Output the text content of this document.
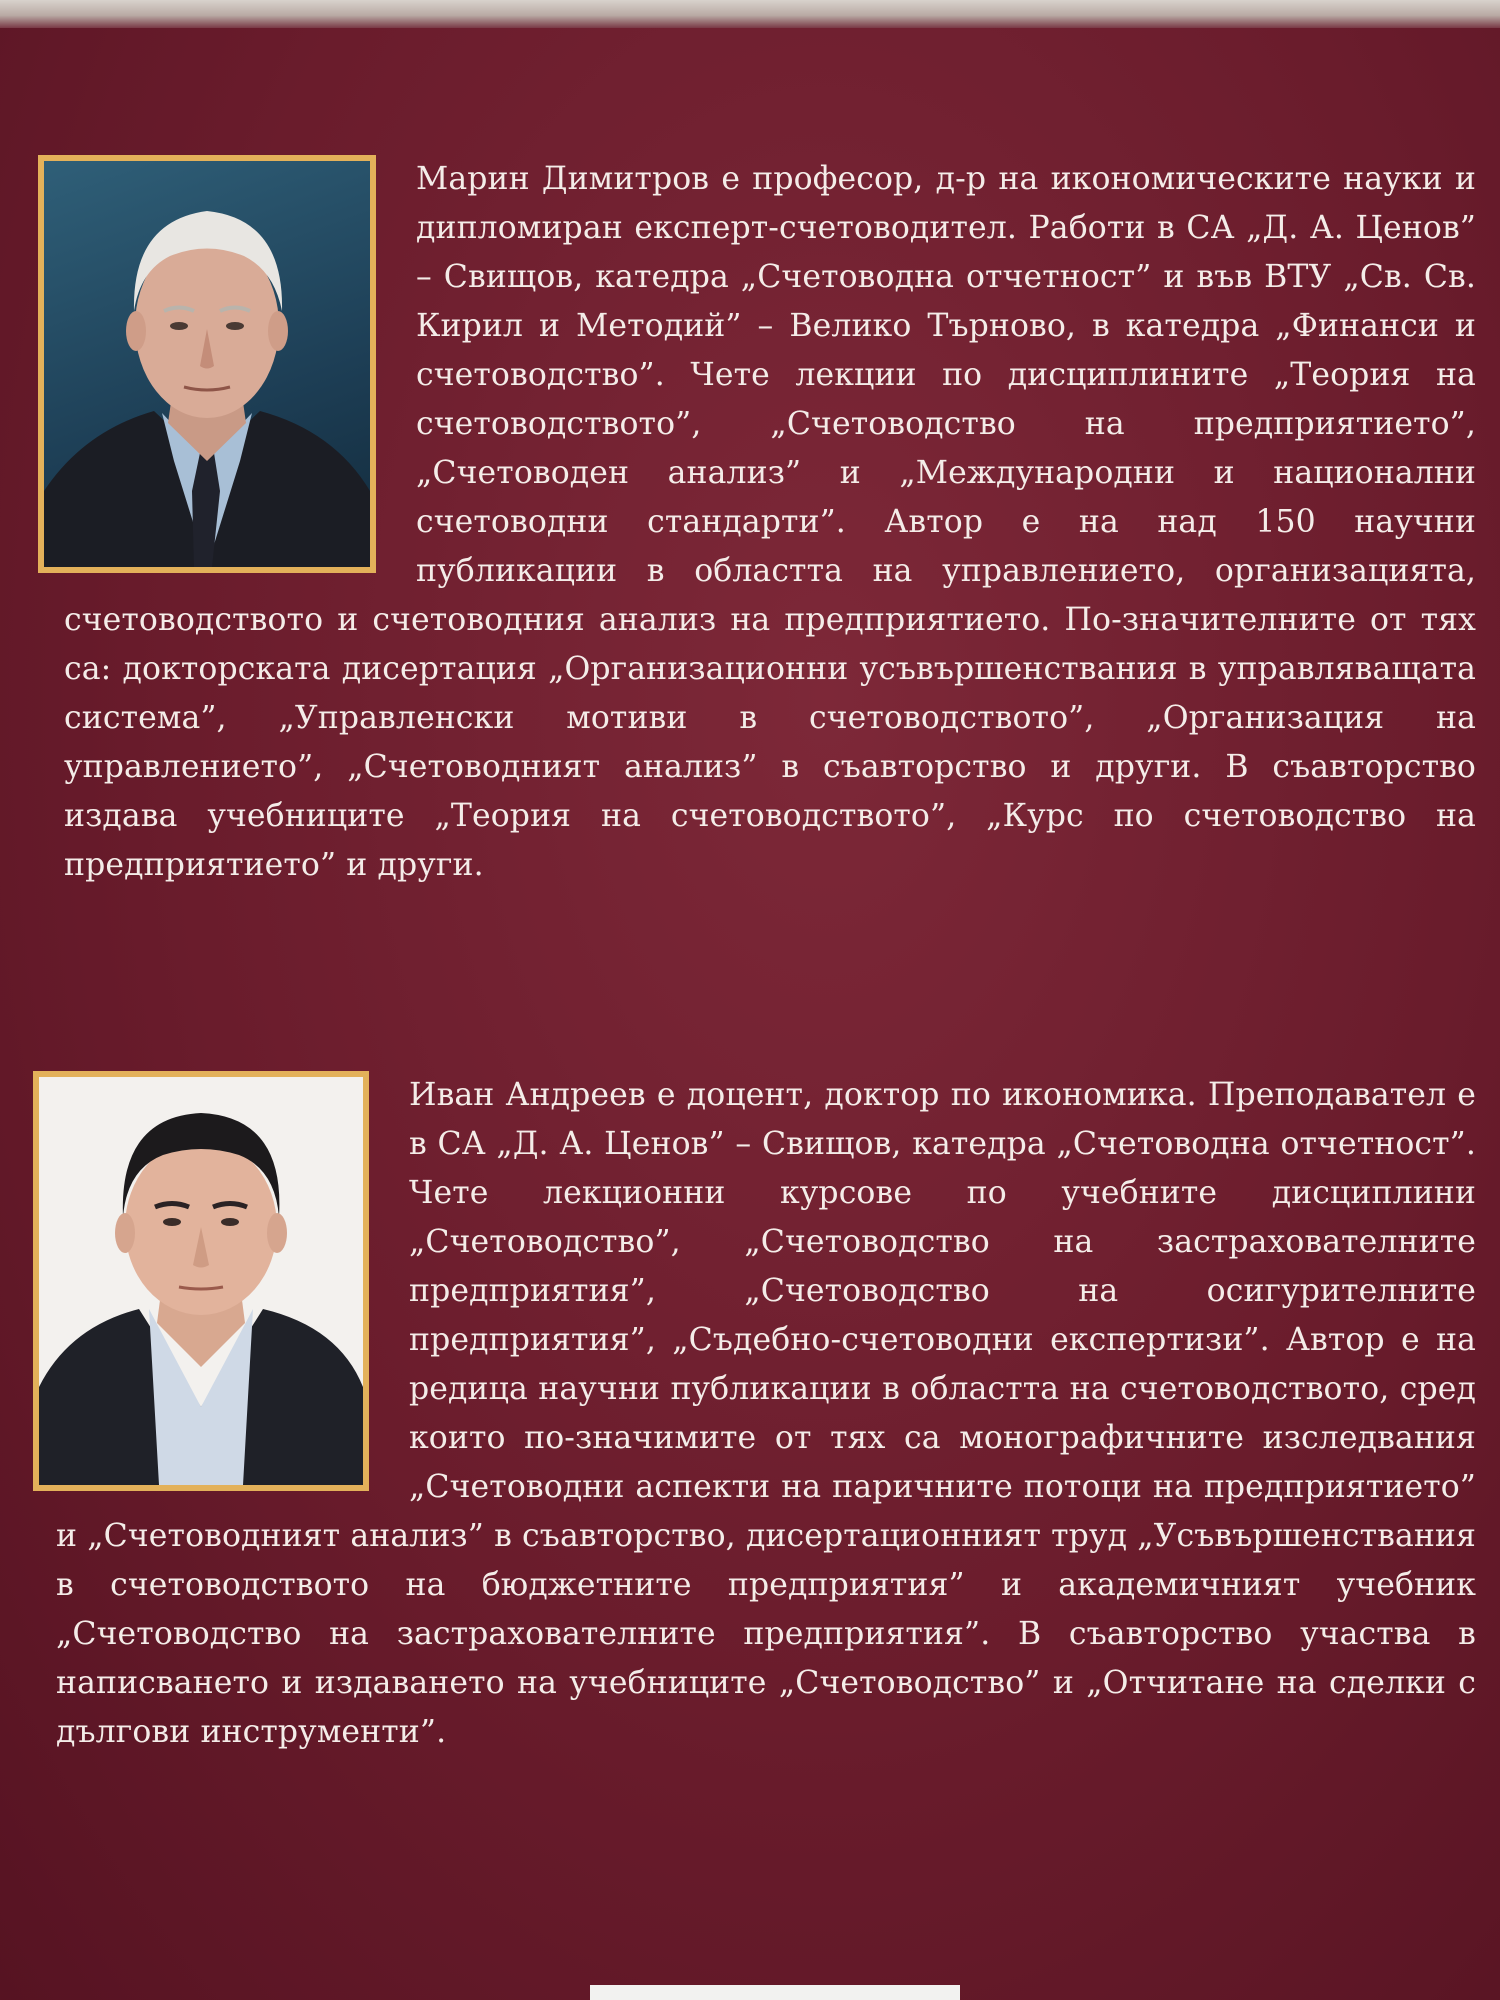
Марин Димитров е професор, д-р на икономическите науки и дипломиран експерт-счетоводител. Работи в СА „Д. А. Ценов” – Свищов, катедра „Счетоводна отчетност” и във ВТУ „Св. Св. Кирил и Методий” – Велико Търново, в катедра „Финанси и счетоводство”. Чете лекции по дисциплините „Теория на счетоводството”, „Счетоводство на предприятието”, „Счетоводен анализ” и „Международни и национални счетоводни стандарти”. Автор е на над 150 научни публикации в областта на управлението, организацията, счетоводството и счетоводния анализ на предприятието. По-значителните от тях са: докторската дисертация „Организационни усъвършенствания в управляващата система”, „Управленски мотиви в счетоводството”, „Организация на управлението”, „Счетоводният анализ” в съавторство и други. В съавторство издава учебниците „Теория на счетоводството”, „Курс по счетоводство на предприятието” и други.

Иван Андреев е доцент, доктор по икономика. Преподавател е в СА „Д. А. Ценов” – Свищов, катедра „Счетоводна отчетност”. Чете лекционни курсове по учебните дисциплини „Счетоводство”, „Счетоводство на застрахователните предприятия”, „Счетоводство на осигурителните предприятия”, „Съдебно-счетоводни експертизи”. Автор е на редица научни публикации в областта на счетоводството, сред които по-значимите от тях са монографичните изследвания „Счетоводни аспекти на паричните потоци на предприятието” и „Счетоводният анализ” в съавторство, дисертационният труд „Усъвършенствания в счетоводството на бюджетните предприятия” и академичният учебник „Счетоводство на застрахователните предприятия”. В съавторство участва в написването и издаването на учебниците „Счетоводство” и „Отчитане на сделки с дългови инструменти”.
